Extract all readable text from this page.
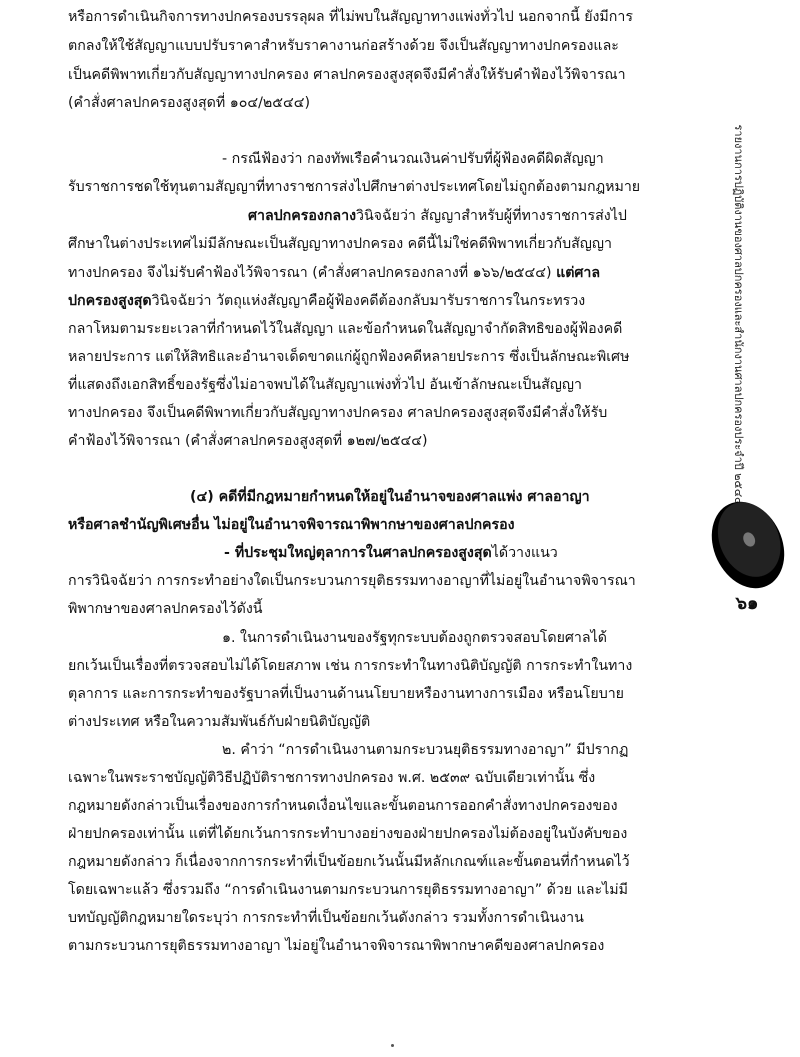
หรือการดำเนินกิจการทางปกครองบรรลุผล ที่ไม่พบในสัญญาทางแพ่งทั่วไป นอกจากนี้ ยังมีการ
ตกลงให้ใช้สัญญาแบบปรับราคาสำหรับราคางานก่อสร้างด้วย จึงเป็นสัญญาทางปกครองและ
เป็นคดีพิพาทเกี่ยวกับสัญญาทางปกครอง ศาลปกครองสูงสุดจึงมีคำสั่งให้รับคำฟ้องไว้พิจารณา
(คำสั่งศาลปกครองสูงสุดที่ ๑๐๔/๒๕๔๔)
- กรณีฟ้องว่า กองทัพเรือคำนวณเงินค่าปรับที่ผู้ฟ้องคดีผิดสัญญา
รับราชการชดใช้ทุนตามสัญญาที่ทางราชการส่งไปศึกษาต่างประเทศโดยไม่ถูกต้องตามกฎหมาย
ศาลปกครองกลางวินิจฉัยว่า สัญญาสำหรับผู้ที่ทางราชการส่งไป
ศึกษาในต่างประเทศไม่มีลักษณะเป็นสัญญาทางปกครอง คดีนี้ไม่ใช่คดีพิพาทเกี่ยวกับสัญญา
ทางปกครอง จึงไม่รับคำฟ้องไว้พิจารณา (คำสั่งศาลปกครองกลางที่ ๑๖๖/๒๕๔๔) แต่ศาล
ปกครองสูงสุดวินิจฉัยว่า วัตถุแห่งสัญญาคือผู้ฟ้องคดีต้องกลับมารับราชการในกระทรวง
กลาโหมตามระยะเวลาที่กำหนดไว้ในสัญญา และข้อกำหนดในสัญญาจำกัดสิทธิของผู้ฟ้องคดี
หลายประการ แต่ให้สิทธิและอำนาจเด็ดขาดแก่ผู้ถูกฟ้องคดีหลายประการ ซึ่งเป็นลักษณะพิเศษ
ที่แสดงถึงเอกสิทธิ์ของรัฐซึ่งไม่อาจพบได้ในสัญญาแพ่งทั่วไป อันเข้าลักษณะเป็นสัญญา
ทางปกครอง จึงเป็นคดีพิพาทเกี่ยวกับสัญญาทางปกครอง ศาลปกครองสูงสุดจึงมีคำสั่งให้รับ
คำฟ้องไว้พิจารณา (คำสั่งศาลปกครองสูงสุดที่ ๑๒๗/๒๕๔๔)
(๔) คดีที่มีกฎหมายกำหนดให้อยู่ในอำนาจของศาลแพ่ง ศาลอาญา
หรือศาลชำนัญพิเศษอื่น ไม่อยู่ในอำนาจพิจารณาพิพากษาของศาลปกครอง
- ที่ประชุมใหญ่ตุลาการในศาลปกครองสูงสุดได้วางแนว
การวินิจฉัยว่า การกระทำอย่างใดเป็นกระบวนการยุติธรรมทางอาญาที่ไม่อยู่ในอำนาจพิจารณา
พิพากษาของศาลปกครองไว้ดังนี้
๑. ในการดำเนินงานของรัฐทุกระบบต้องถูกตรวจสอบโดยศาลได้
ยกเว้นเป็นเรื่องที่ตรวจสอบไม่ได้โดยสภาพ เช่น การกระทำในทางนิติบัญญัติ การกระทำในทาง
ตุลาการ และการกระทำของรัฐบาลที่เป็นงานด้านนโยบายหรืองานทางการเมือง หรือนโยบาย
ต่างประเทศ หรือในความสัมพันธ์กับฝ่ายนิติบัญญัติ
๒. คำว่า “การดำเนินงานตามกระบวนยุติธรรมทางอาญา” มีปรากฏ
เฉพาะในพระราชบัญญัติวิธีปฏิบัติราชการทางปกครอง พ.ศ. ๒๕๓๙ ฉบับเดียวเท่านั้น ซึ่ง
กฎหมายดังกล่าวเป็นเรื่องของการกำหนดเงื่อนไขและขั้นตอนการออกคำสั่งทางปกครองของ
ฝ่ายปกครองเท่านั้น แต่ที่ได้ยกเว้นการกระทำบางอย่างของฝ่ายปกครองไม่ต้องอยู่ในบังคับของ
กฎหมายดังกล่าว ก็เนื่องจากการกระทำที่เป็นข้อยกเว้นนั้นมีหลักเกณฑ์และขั้นตอนที่กำหนดไว้
โดยเฉพาะแล้ว ซึ่งรวมถึง “การดำเนินงานตามกระบวนการยุติธรรมทางอาญา” ด้วย และไม่มี
บทบัญญัติกฎหมายใดระบุว่า การกระทำที่เป็นข้อยกเว้นดังกล่าว รวมทั้งการดำเนินงาน
ตามกระบวนการยุติธรรมทางอาญา ไม่อยู่ในอำนาจพิจารณาพิพากษาคดีของศาลปกครอง
รายงานการปฏิบัติงานของศาลปกครองและสำนักงานศาลปกครองประจำปี ๒๕๔๔
๖๑
